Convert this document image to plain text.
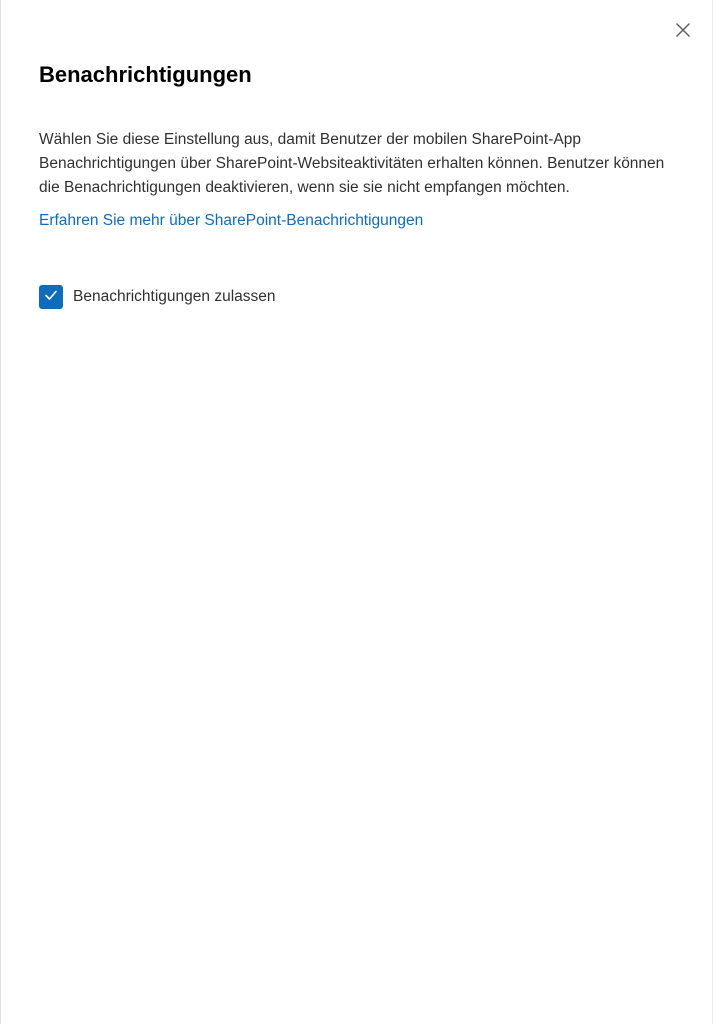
Benachrichtigungen

Wählen Sie diese Einstellung aus, damit Benutzer der mobilen SharePoint-App Benachrichtigungen über SharePoint-Websiteaktivitäten erhalten können. Benutzer können die Benachrichtigungen deaktivieren, wenn sie sie nicht empfangen möchten.

Erfahren Sie mehr über SharePoint-Benachrichtigungen
Benachrichtigungen zulassen
